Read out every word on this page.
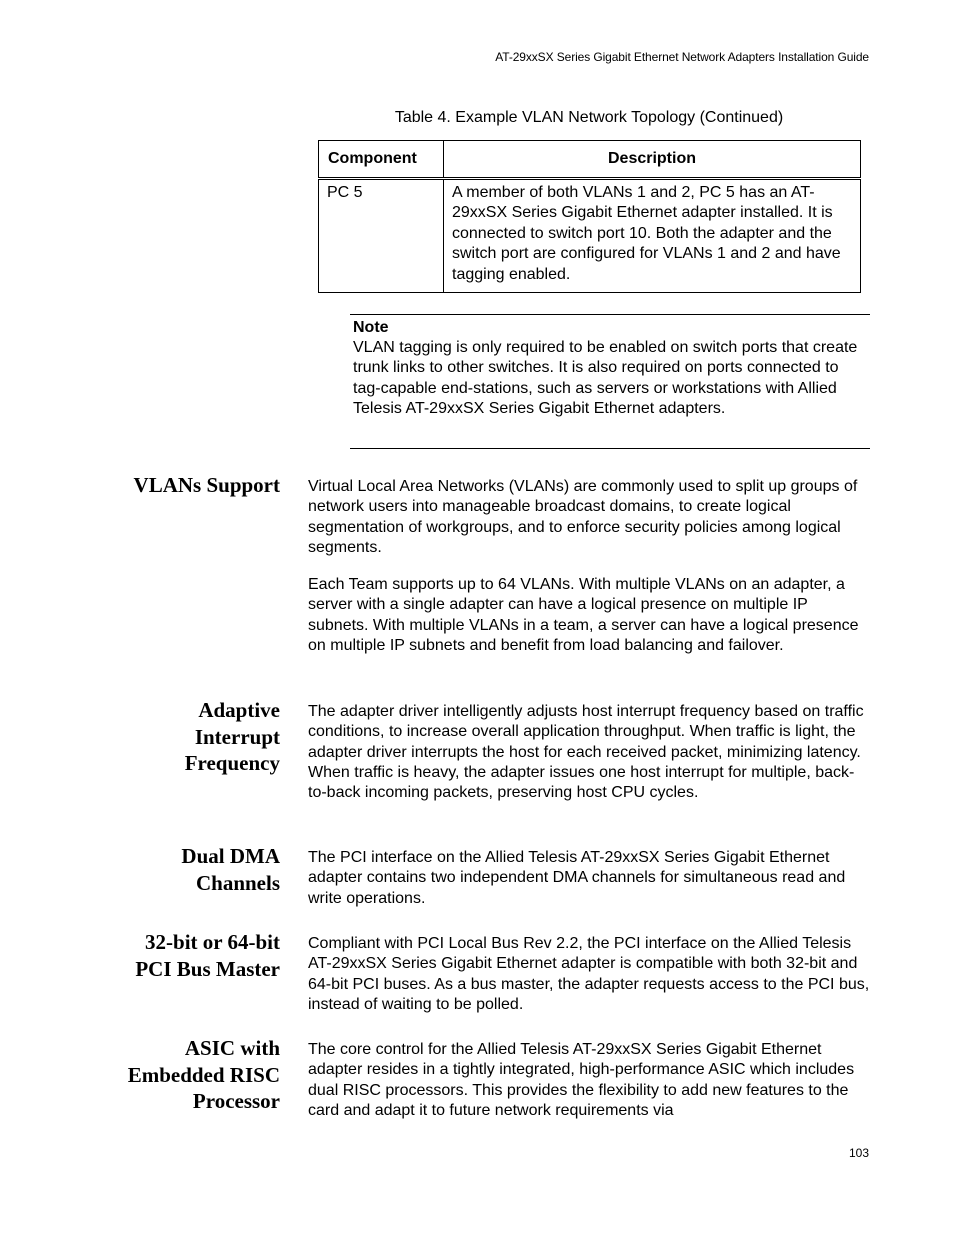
AT-29xxSX Series Gigabit Ethernet Network Adapters Installation Guide
Table 4. Example VLAN Network Topology (Continued)
Component	Description
PC 5	A member of both VLANs 1 and 2, PC 5 has an AT-29xxSX Series Gigabit Ethernet adapter installed. It is connected to switch port 10. Both the adapter and the switch port are configured for VLANs 1 and 2 and have tagging enabled.
Note
VLAN tagging is only required to be enabled on switch ports that create trunk links to other switches. It is also required on ports connected to tag-capable end-stations, such as servers or workstations with Allied Telesis AT-29xxSX Series Gigabit Ethernet adapters.
VLANs Support Virtual Local Area Networks (VLANs) are commonly used to split up groups of network users into manageable broadcast domains, to create logical segmentation of workgroups, and to enforce security policies among logical segments.

Each Team supports up to 64 VLANs. With multiple VLANs on an adapter, a server with a single adapter can have a logical presence on multiple IP subnets. With multiple VLANs in a team, a server can have a logical presence on multiple IP subnets and benefit from load balancing and failover.

Adaptive
Interrupt
Frequency

The adapter driver intelligently adjusts host interrupt frequency based on traffic conditions, to increase overall application throughput. When traffic is light, the adapter driver interrupts the host for each received packet, minimizing latency. When traffic is heavy, the adapter issues one host interrupt for multiple, back-to-back incoming packets, preserving host CPU cycles.

Dual DMA
Channels

The PCI interface on the Allied Telesis AT-29xxSX Series Gigabit Ethernet adapter contains two independent DMA channels for simultaneous read and write operations.

32-bit or 64-bit
PCI Bus Master

Compliant with PCI Local Bus Rev 2.2, the PCI interface on the Allied Telesis AT-29xxSX Series Gigabit Ethernet adapter is compatible with both 32-bit and 64-bit PCI buses. As a bus master, the adapter requests access to the PCI bus, instead of waiting to be polled.

ASIC with
Embedded RISC
Processor

The core control for the Allied Telesis AT-29xxSX Series Gigabit Ethernet adapter resides in a tightly integrated, high-performance ASIC which includes dual RISC processors. This provides the flexibility to add new features to the card and adapt it to future network requirements via

103
